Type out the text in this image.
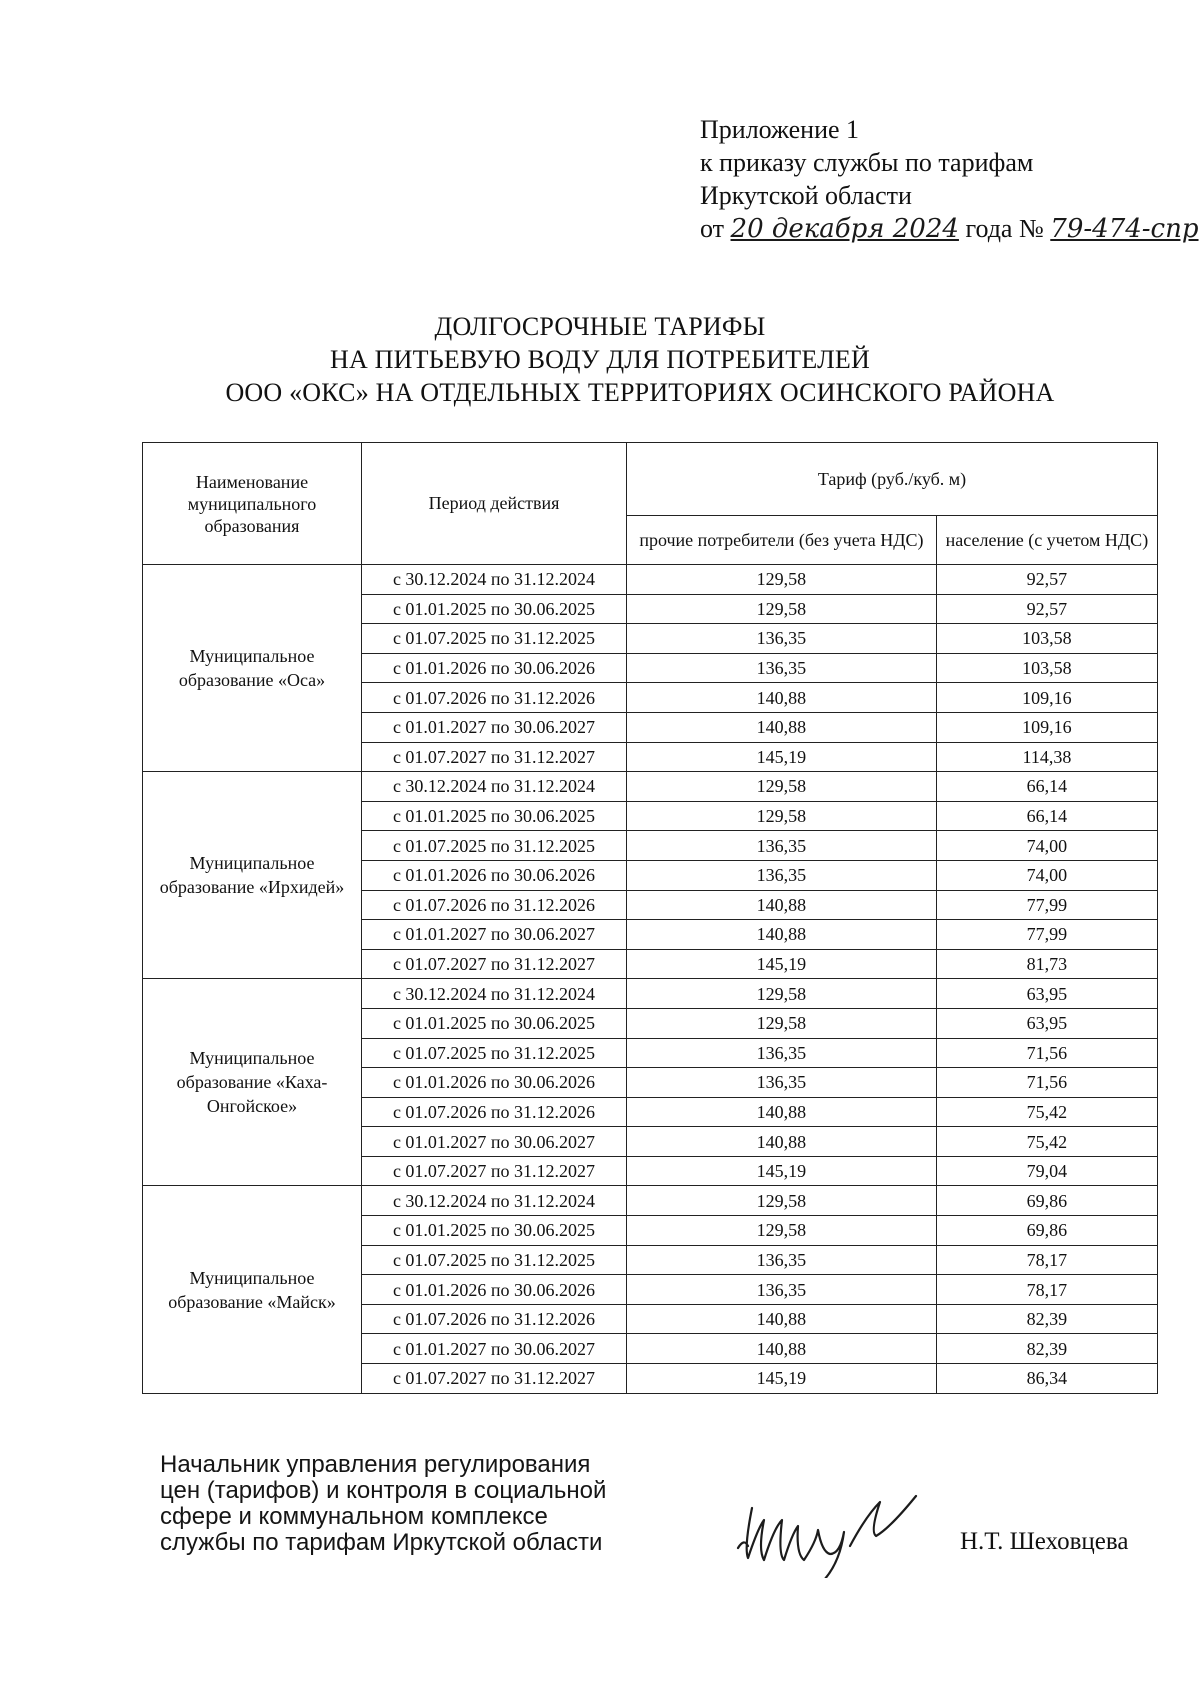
Приложение 1
к приказу службы по тарифам
Иркутской области
от 20 декабря 2024 года № 79-474-спр
ДОЛГОСРОЧНЫЕ ТАРИФЫ
НА ПИТЬЕВУЮ ВОДУ ДЛЯ ПОТРЕБИТЕЛЕЙ
ООО «ОКС» НА ОТДЕЛЬНЫХ ТЕРРИТОРИЯХ ОСИНСКОГО РАЙОНА
Наименование муниципального образования	Период действия	Тариф (руб./куб. м)	
		прочие потребители (без учета НДС)	население (с учетом НДС)
Муниципальное образование «Оса»	с 30.12.2024 по 31.12.2024	129,58	92,57
	с 01.01.2025 по 30.06.2025	129,58	92,57
	с 01.07.2025 по 31.12.2025	136,35	103,58
	с 01.01.2026 по 30.06.2026	136,35	103,58
	с 01.07.2026 по 31.12.2026	140,88	109,16
	с 01.01.2027 по 30.06.2027	140,88	109,16
	с 01.07.2027 по 31.12.2027	145,19	114,38
Муниципальное образование «Ирхидей»	с 30.12.2024 по 31.12.2024	129,58	66,14
	с 01.01.2025 по 30.06.2025	129,58	66,14
	с 01.07.2025 по 31.12.2025	136,35	74,00
	с 01.01.2026 по 30.06.2026	136,35	74,00
	с 01.07.2026 по 31.12.2026	140,88	77,99
	с 01.01.2027 по 30.06.2027	140,88	77,99
	с 01.07.2027 по 31.12.2027	145,19	81,73
Муниципальное образование «Каха-Онгойское»	с 30.12.2024 по 31.12.2024	129,58	63,95
	с 01.01.2025 по 30.06.2025	129,58	63,95
	с 01.07.2025 по 31.12.2025	136,35	71,56
	с 01.01.2026 по 30.06.2026	136,35	71,56
	с 01.07.2026 по 31.12.2026	140,88	75,42
	с 01.01.2027 по 30.06.2027	140,88	75,42
	с 01.07.2027 по 31.12.2027	145,19	79,04
Муниципальное образование «Майск»	с 30.12.2024 по 31.12.2024	129,58	69,86
	с 01.01.2025 по 30.06.2025	129,58	69,86
	с 01.07.2025 по 31.12.2025	136,35	78,17
	с 01.01.2026 по 30.06.2026	136,35	78,17
	с 01.07.2026 по 31.12.2026	140,88	82,39
	с 01.01.2027 по 30.06.2027	140,88	82,39
	с 01.07.2027 по 31.12.2027	145,19	86,34
Начальник управления регулирования
цен (тарифов) и контроля в социальной
сфере и коммунальном комплексе
службы по тарифам Иркутской области	Н.Т. Шеховцева
